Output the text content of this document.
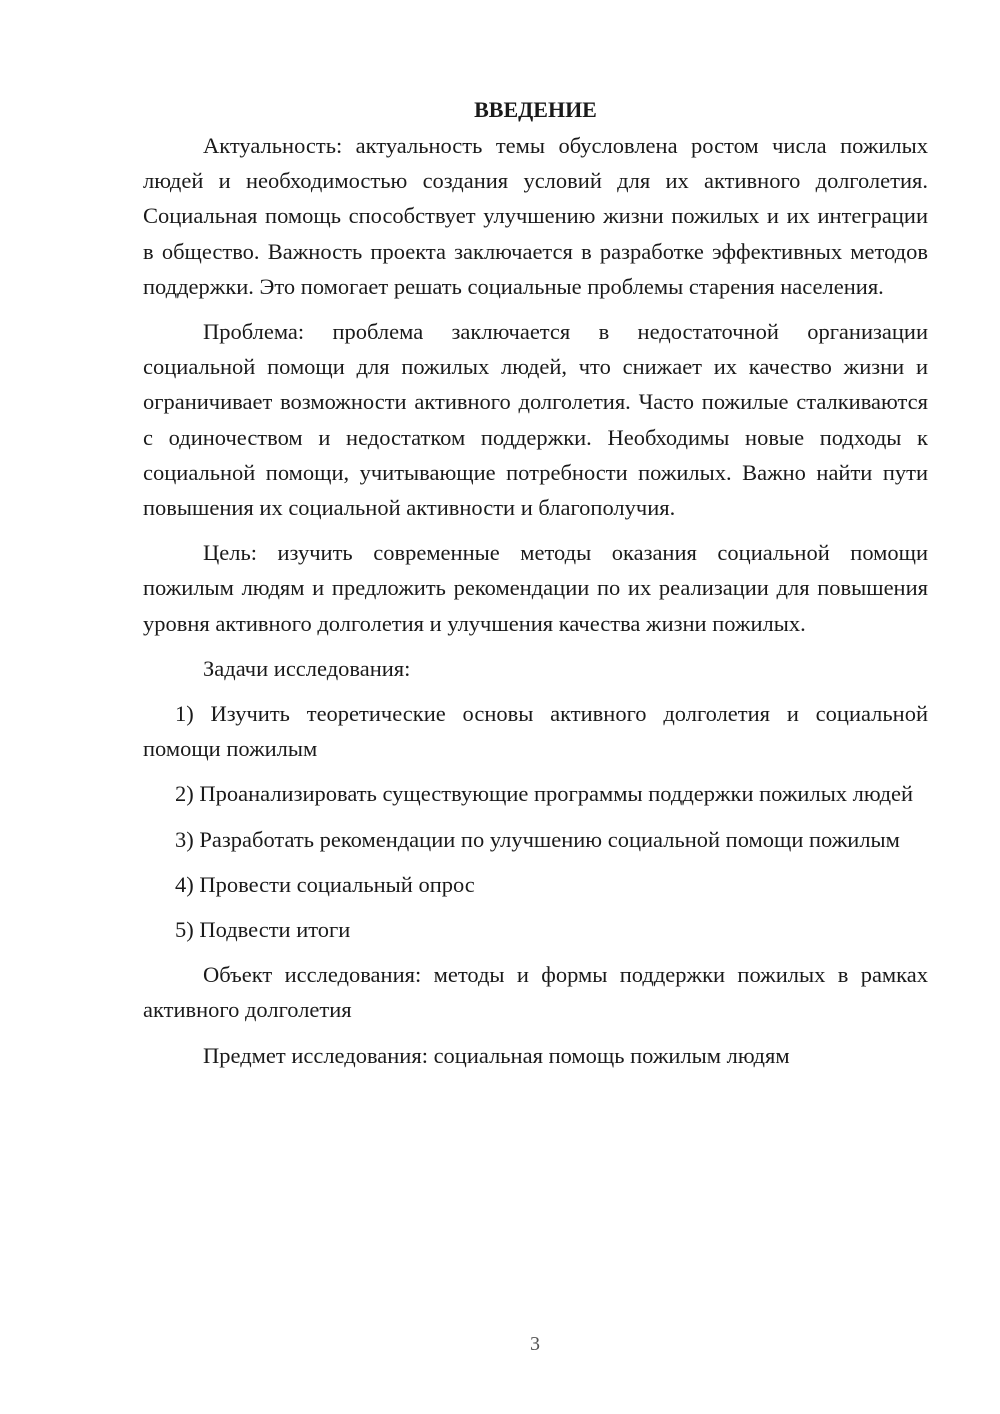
ВВЕДЕНИЕ

Актуальность: актуальность темы обусловлена ростом числа пожилых людей и необходимостью создания условий для их активного долголетия. Социальная помощь способствует улучшению жизни пожилых и их интеграции в общество. Важность проекта заключается в разработке эффективных методов поддержки. Это помогает решать социальные проблемы старения населения.

Проблема: проблема заключается в недостаточной организации социальной помощи для пожилых людей, что снижает их качество жизни и ограничивает возможности активного долголетия. Часто пожилые сталкиваются с одиночеством и недостатком поддержки. Необходимы новые подходы к социальной помощи, учитывающие потребности пожилых. Важно найти пути повышения их социальной активности и благополучия.

Цель: изучить современные методы оказания социальной помощи пожилым людям и предложить рекомендации по их реализации для повышения уровня активного долголетия и улучшения качества жизни пожилых.

Задачи исследования:

1) Изучить теоретические основы активного долголетия и социальной помощи пожилым

2) Проанализировать существующие программы поддержки пожилых людей

3) Разработать рекомендации по улучшению социальной помощи пожилым

4) Провести социальный опрос

5) Подвести итоги

Объект исследования: методы и формы поддержки пожилых в рамках активного долголетия

Предмет исследования: социальная помощь пожилым людям

3
